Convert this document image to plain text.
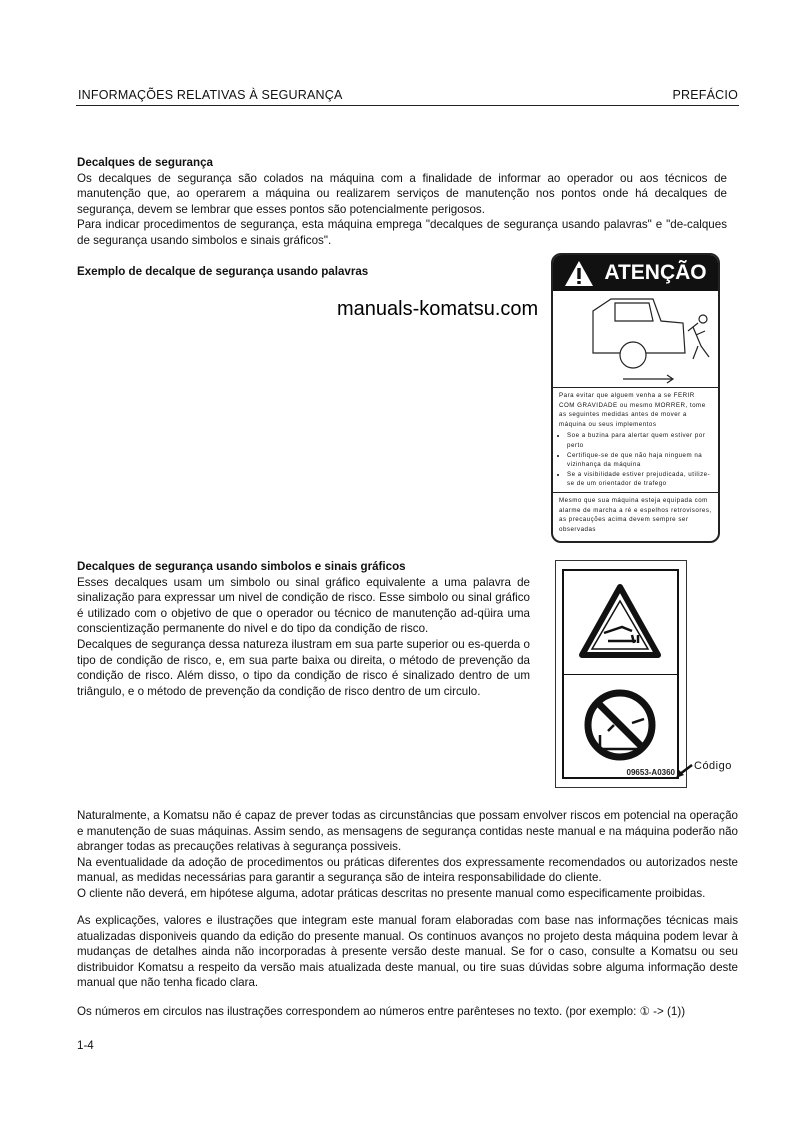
INFORMAÇÕES RELATIVAS À SEGURANÇA	PREFÁCIO

Decalques de segurança

Os decalques de segurança são colados na máquina com a finalidade de informar ao operador ou aos técnicos de manutenção que, ao operarem a máquina ou realizarem serviços de manutenção nos pontos onde há decalques de segurança, devem se lembrar que esses pontos são potencialmente perigosos.

Para indicar procedimentos de segurança, esta máquina emprega "decalques de segurança usando palavras" e "de-calques de segurança usando simbolos e sinais gráficos".

Exemplo de decalque de segurança usando palavras
manuals-komatsu.com
ATENÇÃO
Para evitar que alguem venha a se FERIR COM GRAVIDADE ou mesmo MORRER, tome as seguintes medidas antes de mover a máquina ou seus implementos
• Soe a buzina para alertar quem estiver por perto
• Certifique-se de que não haja ninguem na vizinhança da máquina
• Se a visibilidade estiver prejudicada, utilize-se de um orientador de trafego
Mesmo que sua máquina esteja equipada com alarme de marcha a ré e espelhos retrovisores, as precauções acima devem sempre ser observadas

Decalques de segurança usando simbolos e sinais gráficos

Esses decalques usam um simbolo ou sinal gráfico equivalente a uma palavra de sinalização para expressar um nivel de condição de risco. Esse simbolo ou sinal gráfico é utilizado com o objetivo de que o operador ou técnico de manutenção ad-qüira uma conscientização permanente do nivel e do tipo da condição de risco.

Decalques de segurança dessa natureza ilustram em sua parte superior ou es-querda o tipo de condição de risco, e, em sua parte baixa ou direita, o método de prevenção da condição de risco. Além disso, o tipo da condição de risco é sinalizado dentro de um triângulo, e o método de prevenção da condição de risco dentro de um circulo.

09653-A0360
Código

Naturalmente, a Komatsu não é capaz de prever todas as circunstâncias que possam envolver riscos em potencial na operação e manutenção de suas máquinas. Assim sendo, as mensagens de segurança contidas neste manual e na máquina poderão não abranger todas as precauções relativas à segurança possiveis.

Na eventualidade da adoção de procedimentos ou práticas diferentes dos expressamente recomendados ou autorizados neste manual, as medidas necessárias para garantir a segurança são de inteira responsabilidade do cliente.

O cliente não deverá, em hipótese alguma, adotar práticas descritas no presente manual como especificamente proibidas.

As explicações, valores e ilustrações que integram este manual foram elaboradas com base nas informações técnicas mais atualizadas disponiveis quando da edição do presente manual. Os continuos avanços no projeto desta máquina podem levar à mudanças de detalhes ainda não incorporadas à presente versão deste manual. Se for o caso, consulte a Komatsu ou seu distribuidor Komatsu a respeito da versão mais atualizada deste manual, ou tire suas dúvidas sobre alguma informação deste manual que não tenha ficado clara.

Os números em circulos nas ilustrações correspondem ao números entre parênteses no texto. (por exemplo: ① -> (1))

1-4
